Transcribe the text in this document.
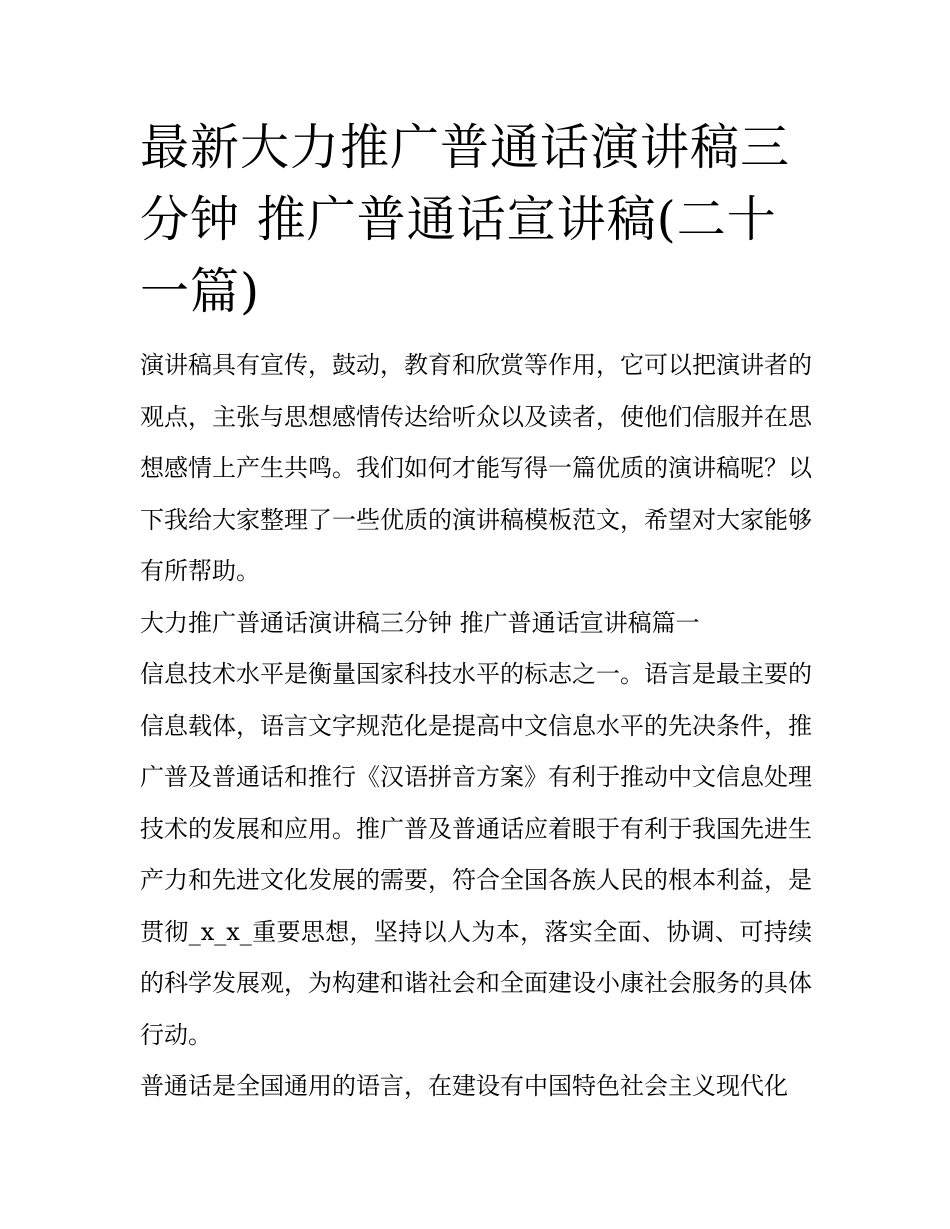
最新大力推广普通话演讲稿三分钟 推广普通话宣讲稿(二十一篇)

演讲稿具有宣传，鼓动，教育和欣赏等作用，它可以把演讲者的观点，主张与思想感情传达给听众以及读者，使他们信服并在思想感情上产生共鸣。我们如何才能写得一篇优质的演讲稿呢？以下我给大家整理了一些优质的演讲稿模板范文，希望对大家能够有所帮助。

大力推广普通话演讲稿三分钟 推广普通话宣讲稿篇一

信息技术水平是衡量国家科技水平的标志之一。语言是最主要的信息载体，语言文字规范化是提高中文信息水平的先决条件，推广普及普通话和推行《汉语拼音方案》有利于推动中文信息处理技术的发展和应用。推广普及普通话应着眼于有利于我国先进生产力和先进文化发展的需要，符合全国各族人民的根本利益，是贯彻_x_x_重要思想，坚持以人为本，落实全面、协调、可持续的科学发展观，为构建和谐社会和全面建设小康社会服务的具体行动。

普通话是全国通用的语言，在建设有中国特色社会主义现代化
